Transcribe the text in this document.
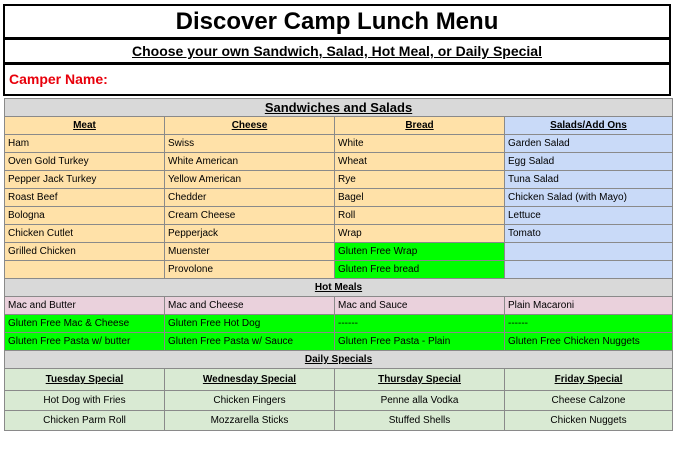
Discover Camp Lunch Menu
Choose your own Sandwich, Salad, Hot Meal, or Daily Special
Camper Name:
Sandwiches and Salads			
Meat	Cheese	Bread	Salads/Add Ons
Ham	Swiss	White	Garden Salad
Oven Gold Turkey	White American	Wheat	Egg Salad
Pepper Jack Turkey	Yellow American	Rye	Tuna Salad
Roast Beef	Chedder	Bagel	Chicken Salad (with Mayo)
Bologna	Cream Cheese	Roll	Lettuce
Chicken Cutlet	Pepperjack	Wrap	Tomato
Grilled Chicken	Muenster	Gluten Free Wrap	
	Provolone	Gluten Free bread	
Hot Meals			
Mac and Butter	Mac and Cheese	Mac and Sauce	Plain Macaroni
Gluten Free Mac & Cheese	Gluten Free Hot Dog	------	------
Gluten Free Pasta w/ butter	Gluten Free Pasta w/ Sauce	Gluten Free Pasta - Plain	Gluten Free Chicken Nuggets
Daily Specials			
Tuesday Special	Wednesday Special	Thursday Special	Friday Special
Hot Dog with Fries	Chicken Fingers	Penne alla Vodka	Cheese Calzone
Chicken Parm Roll	Mozzarella Sticks	Stuffed Shells	Chicken Nuggets
